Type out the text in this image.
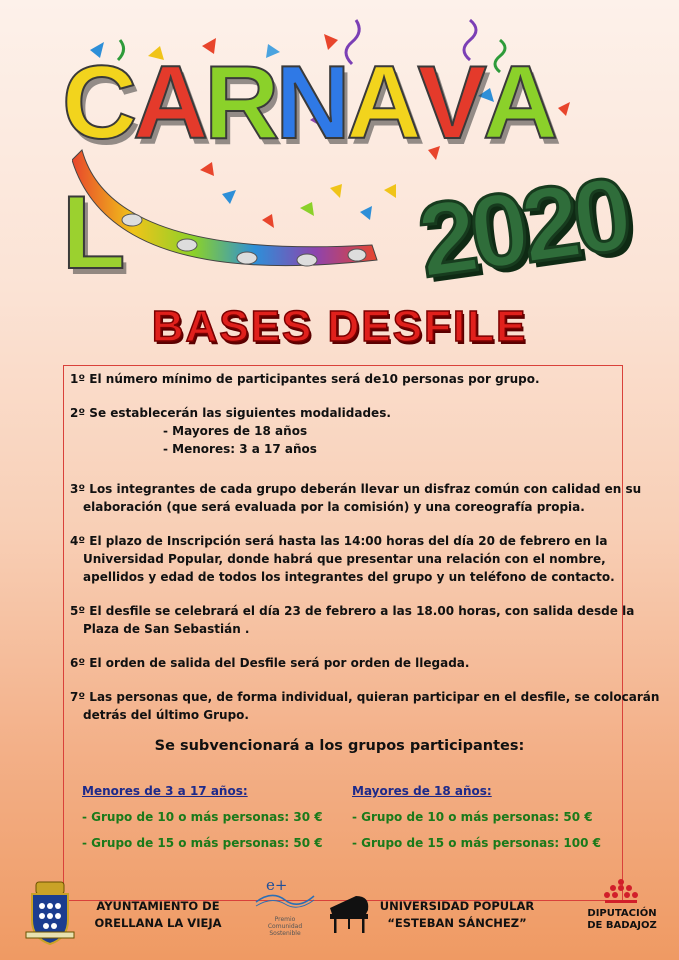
CARNAVAL	2020
BASES DESFILE
1º El número mínimo de participantes será de10 personas por grupo.
2º Se establecerán las siguientes modalidades.
- Mayores de 18 años
- Menores: 3 a 17 años
3º Los integrantes de cada grupo deberán llevar un disfraz común con calidad en su
elaboración (que será evaluada por la comisión) y una coreografía propia.
4º El plazo de Inscripción será hasta las 14:00 horas del día 20 de febrero en la
Universidad Popular, donde habrá que presentar una relación con el nombre,
apellidos y edad de todos los integrantes del grupo y un teléfono de contacto.
5º El desfile se celebrará el día 23 de febrero a las 18.00 horas, con salida desde la
Plaza de San Sebastián .
6º El orden de salida del Desfile será por orden de llegada.
7º Las personas que, de forma individual, quieran participar en el desfile, se colocarán
detrás del último Grupo.
Se subvencionará a los grupos participantes:
Menores de 3 a 17 años:
- Grupo de 10 o más personas: 30 €
- Grupo de 15 o más personas: 50 €
Mayores de 18 años:
- Grupo de 10 o más personas: 50 €
- Grupo de 15 o más personas: 100 €
AYUNTAMIENTO DE
ORELLANA LA VIEJA
e+
Premio
Comunidad
Sostenible
UNIVERSIDAD POPULAR
“ESTEBAN SÁNCHEZ”
DIPUTACIÓN
DE BADAJOZ
